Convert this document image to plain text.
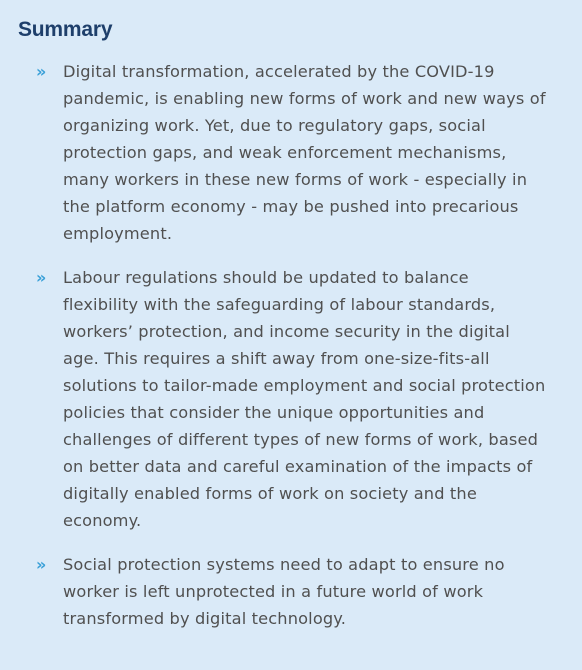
Summary
»	Digital transformation, accelerated by the COVID-19 pandemic, is enabling new forms of work and new ways of organizing work. Yet, due to regulatory gaps, social protection gaps, and weak enforcement mechanisms, many workers in these new forms of work - especially in the platform economy - may be pushed into precarious employment.
»	Labour regulations should be updated to balance flexibility with the safeguarding of labour standards, workers’ protection, and income security in the digital age. This requires a shift away from one-size-fits-all solutions to tailor-made employment and social protection policies that consider the unique opportunities and challenges of different types of new forms of work, based on better data and careful examination of the impacts of digitally enabled forms of work on society and the economy.
»	Social protection systems need to adapt to ensure no worker is left unprotected in a future world of work transformed by digital technology.
